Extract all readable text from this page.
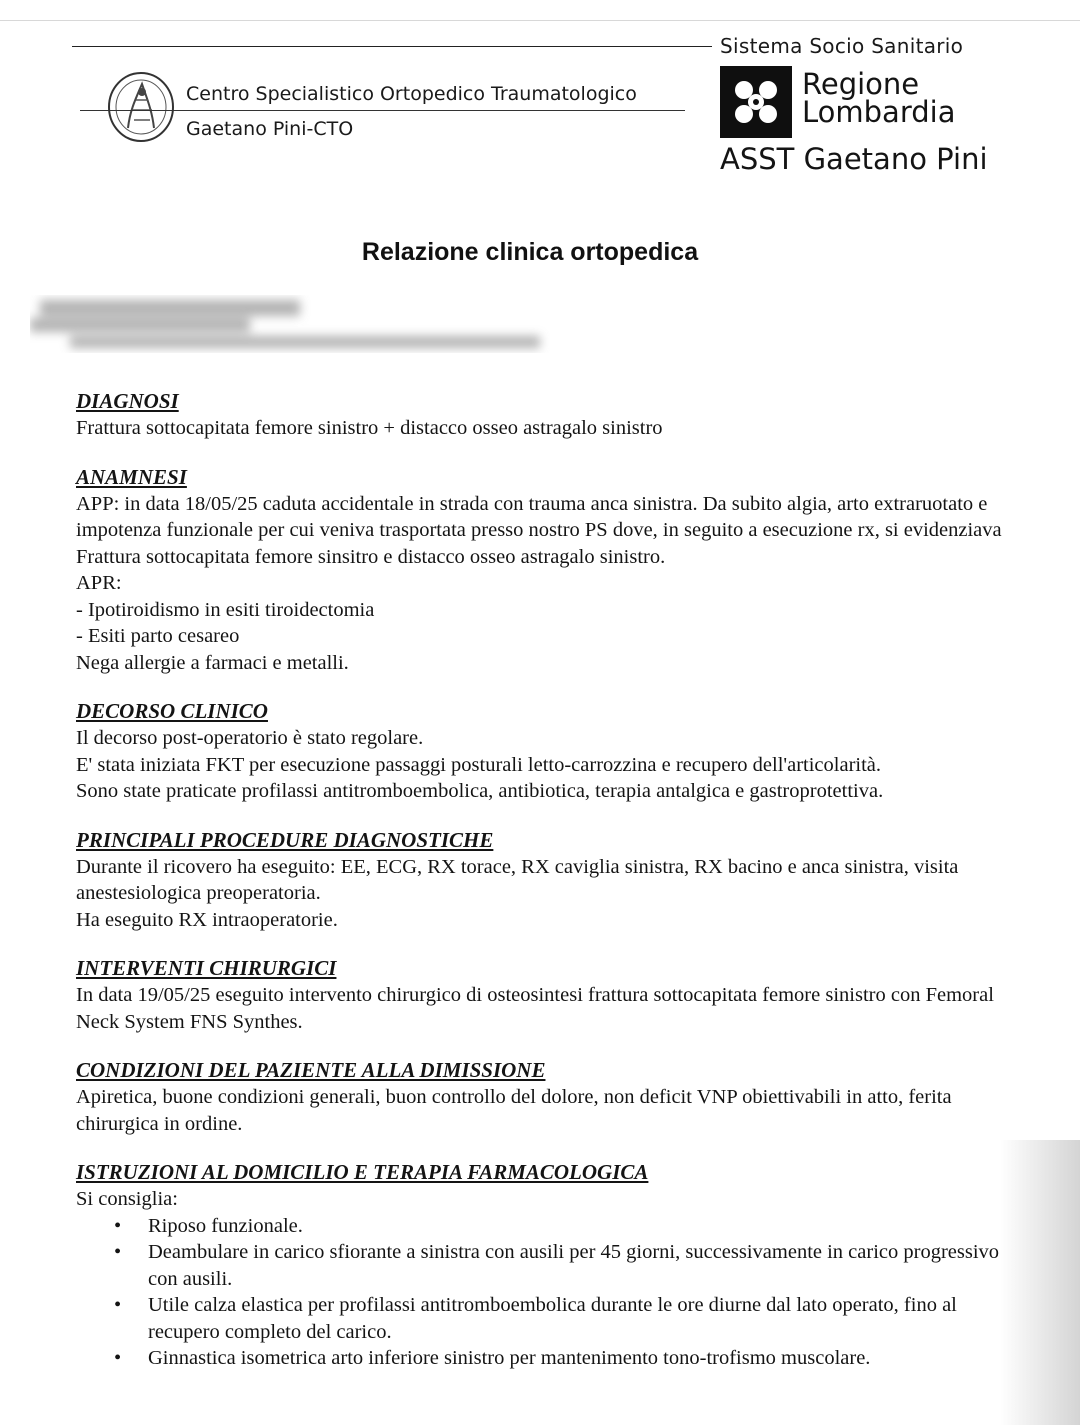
Sistema Socio Sanitario
Centro Specialistico Ortopedico Traumatologico
Gaetano Pini-CTO
Regione
Lombardia
ASST Gaetano Pini
Relazione clinica ortopedica
DIAGNOSI

Frattura sottocapitata femore sinistro + distacco osseo astragalo sinistro

ANAMNESI

APP: in data 18/05/25 caduta accidentale in strada con trauma anca sinistra. Da subito algia, arto extraruotato e impotenza funzionale per cui veniva trasportata presso nostro PS dove, in seguito a esecuzione rx, si evidenziava Frattura sottocapitata femore sinsitro e distacco osseo astragalo sinistro.

APR:

- Ipotiroidismo in esiti tiroidectomia
- Esiti parto cesareo

Nega allergie a farmaci e metalli.

DECORSO CLINICO

Il decorso post-operatorio è stato regolare.

E' stata iniziata FKT per esecuzione passaggi posturali letto-carrozzina e recupero dell'articolarità.

Sono state praticate profilassi antitromboembolica, antibiotica, terapia antalgica e gastroprotettiva.

PRINCIPALI PROCEDURE DIAGNOSTICHE

Durante il ricovero ha eseguito: EE, ECG, RX torace, RX caviglia sinistra, RX bacino e anca sinistra, visita anestesiologica preoperatoria.

Ha eseguito RX intraoperatorie.

INTERVENTI CHIRURGICI

In data 19/05/25 eseguito intervento chirurgico di osteosintesi frattura sottocapitata femore sinistro con Femoral Neck System FNS Synthes.

CONDIZIONI DEL PAZIENTE ALLA DIMISSIONE

Apiretica, buone condizioni generali, buon controllo del dolore, non deficit VNP obiettivabili in atto, ferita chirurgica in ordine.

ISTRUZIONI AL DOMICILIO E TERAPIA FARMACOLOGICA

Si consiglia:

• Riposo funzionale.
• Deambulare in carico sfiorante a sinistra con ausili per 45 giorni, successivamente in carico progressivo con ausili.
• Utile calza elastica per profilassi antitromboembolica durante le ore diurne dal lato operato, fino al recupero completo del carico.
• Ginnastica isometrica arto inferiore sinistro per mantenimento tono-trofismo muscolare.
